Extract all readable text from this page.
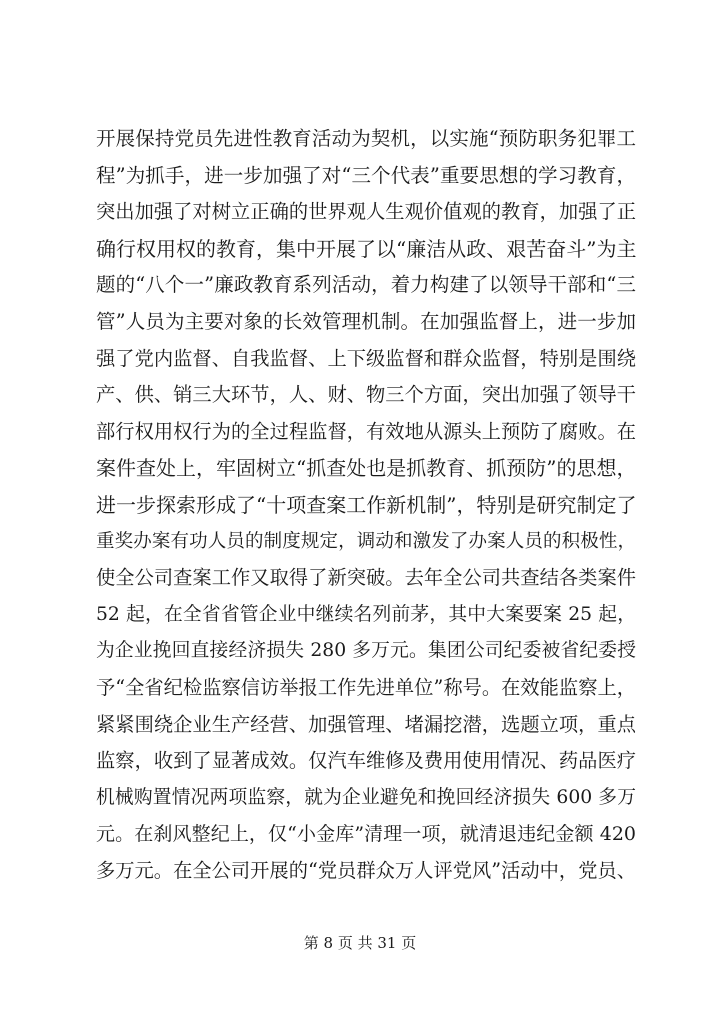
开展保持党员先进性教育活动为契机，以实施“预防职务犯罪工
程”为抓手，进一步加强了对“三个代表”重要思想的学习教育，
突出加强了对树立正确的世界观人生观价值观的教育，加强了正
确行权用权的教育，集中开展了以“廉洁从政、艰苦奋斗”为主
题的“八个一”廉政教育系列活动，着力构建了以领导干部和“三
管”人员为主要对象的长效管理机制。在加强监督上，进一步加
强了党内监督、自我监督、上下级监督和群众监督，特别是围绕
产、供、销三大环节，人、财、物三个方面，突出加强了领导干
部行权用权行为的全过程监督，有效地从源头上预防了腐败。在
案件查处上，牢固树立“抓查处也是抓教育、抓预防”的思想，
进一步探索形成了“十项查案工作新机制”，特别是研究制定了
重奖办案有功人员的制度规定，调动和激发了办案人员的积极性，
使全公司查案工作又取得了新突破。去年全公司共查结各类案件
52 起，在全省省管企业中继续名列前茅，其中大案要案 25 起，
为企业挽回直接经济损失 280 多万元。集团公司纪委被省纪委授
予“全省纪检监察信访举报工作先进单位”称号。在效能监察上，
紧紧围绕企业生产经营、加强管理、堵漏挖潜，选题立项，重点
监察，收到了显著成效。仅汽车维修及费用使用情况、药品医疗
机械购置情况两项监察，就为企业避免和挽回经济损失 600 多万
元。在刹风整纪上，仅“小金库”清理一项，就清退违纪金额 420
多万元。在全公司开展的“党员群众万人评党风”活动中，党员、
第 8 页 共 31 页
